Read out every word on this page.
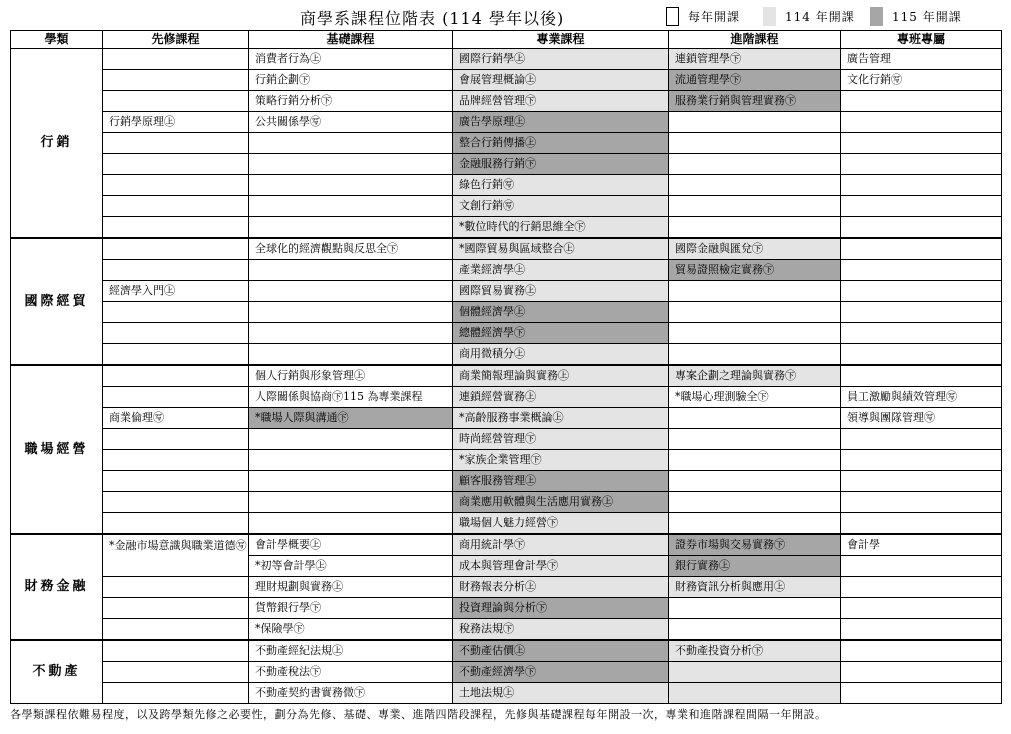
商學系課程位階表 (114 學年以後)	每年開課	114 年開課	115 年開課
學類	先修課程	基礎課程	專業課程	進階課程	專班專屬
行銷		消費者行為㊤	國際行銷學㊤	連鎖管理學㊦	廣告管理
		行銷企劃㊦	會展管理概論㊤	流通管理學㊦	文化行銷㊢
		策略行銷分析㊦	品牌經營管理㊦	服務業行銷與管理實務㊦	
	行銷學原理㊤	公共關係學㊢	廣告學原理㊤		
			整合行銷傳播㊤		
			金融服務行銷㊦		
			綠色行銷㊢		
			文創行銷㊢		
			*數位時代的行銷思維全㊦		
國際經貿		全球化的經濟觀點與反思全㊦	*國際貿易與區域整合㊤	國際金融與匯兌㊦	
			產業經濟學㊤	貿易證照檢定實務㊦	
	經濟學入門㊤		國際貿易實務㊤		
			個體經濟學㊤		
			總體經濟學㊦		
			商用微積分㊤		
職場經營		個人行銷與形象管理㊤	商業簡報理論與實務㊤	專案企劃之理論與實務㊦	
		人際關係與協商㊦115 為專業課程	連鎖經營實務㊤	*職場心理測驗全㊦	員工激勵與績效管理㊢
	商業倫理㊢	*職場人際與溝通㊦	*高齡服務事業概論㊤		領導與團隊管理㊢
			時尚經營管理㊦		
			*家族企業管理㊦		
			顧客服務管理㊤		
			商業應用軟體與生活應用實務㊤		
			職場個人魅力經營㊦		
財務金融	*金融市場意識與職業道德㊢	會計學概要㊤	商用統計學㊦	證券市場與交易實務㊦	會計學
		*初等會計學㊤	成本與管理會計學㊦	銀行實務㊤	
		理財規劃與實務㊤	財務報表分析㊤	財務資訊分析與應用㊤	
		貨幣銀行學㊦	投資理論與分析㊦		
		*保險學㊦	稅務法規㊦		
不動產		不動產經紀法規㊤	不動產估價㊤	不動產投資分析㊦	
		不動產稅法㊦	不動產經濟學㊦		
		不動產契約書實務微㊦	土地法規㊤		
各學類課程依難易程度，以及跨學類先修之必要性，劃分為先修、基礎、專業、進階四階段課程，先修與基礎課程每年開設一次，專業和進階課程間隔一年開設。
